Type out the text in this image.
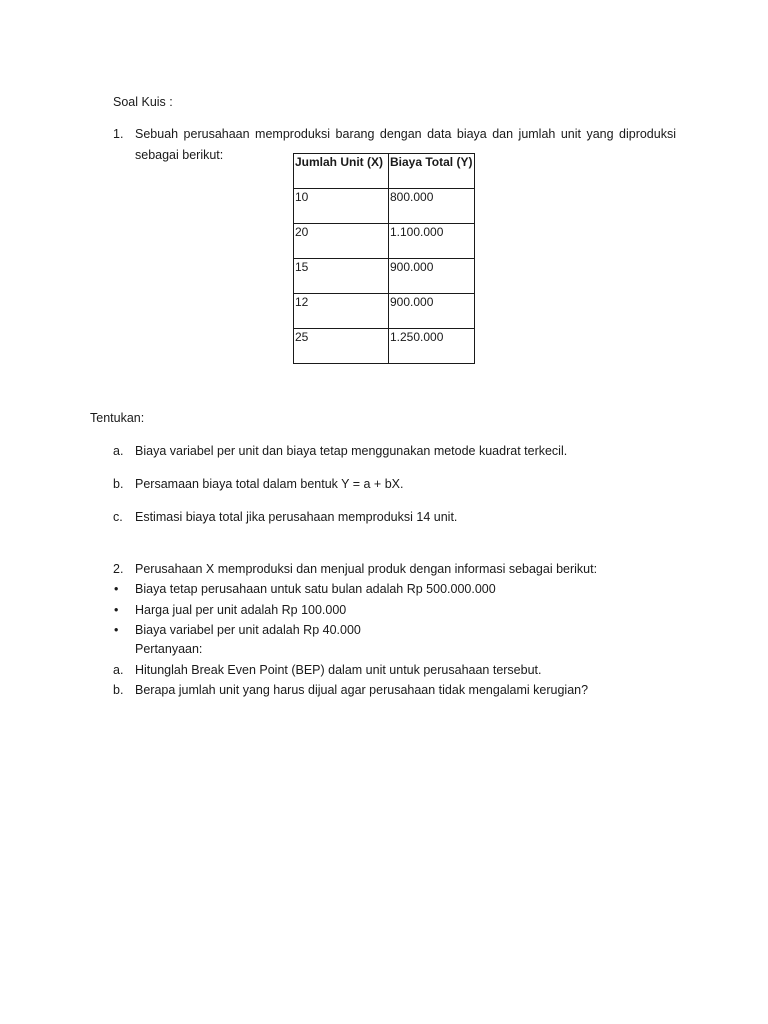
Soal Kuis :
1. Sebuah perusahaan memproduksi barang dengan data biaya dan jumlah unit yang diproduksi
sebagai berikut:	Jumlah Unit (X)	Biaya Total (Y)
10	800.000
20	1.100.000
15	900.000
12	900.000
25	1.250.000
Tentukan:
a. Biaya variabel per unit dan biaya tetap menggunakan metode kuadrat terkecil.
b. Persamaan biaya total dalam bentuk Y = a + bX.
c. Estimasi biaya total jika perusahaan memproduksi 14 unit.
2. Perusahaan X memproduksi dan menjual produk dengan informasi sebagai berikut:
• Biaya tetap perusahaan untuk satu bulan adalah Rp 500.000.000
• Harga jual per unit adalah Rp 100.000
• Biaya variabel per unit adalah Rp 40.000
Pertanyaan:
a. Hitunglah Break Even Point (BEP) dalam unit untuk perusahaan tersebut.
b. Berapa jumlah unit yang harus dijual agar perusahaan tidak mengalami kerugian?
